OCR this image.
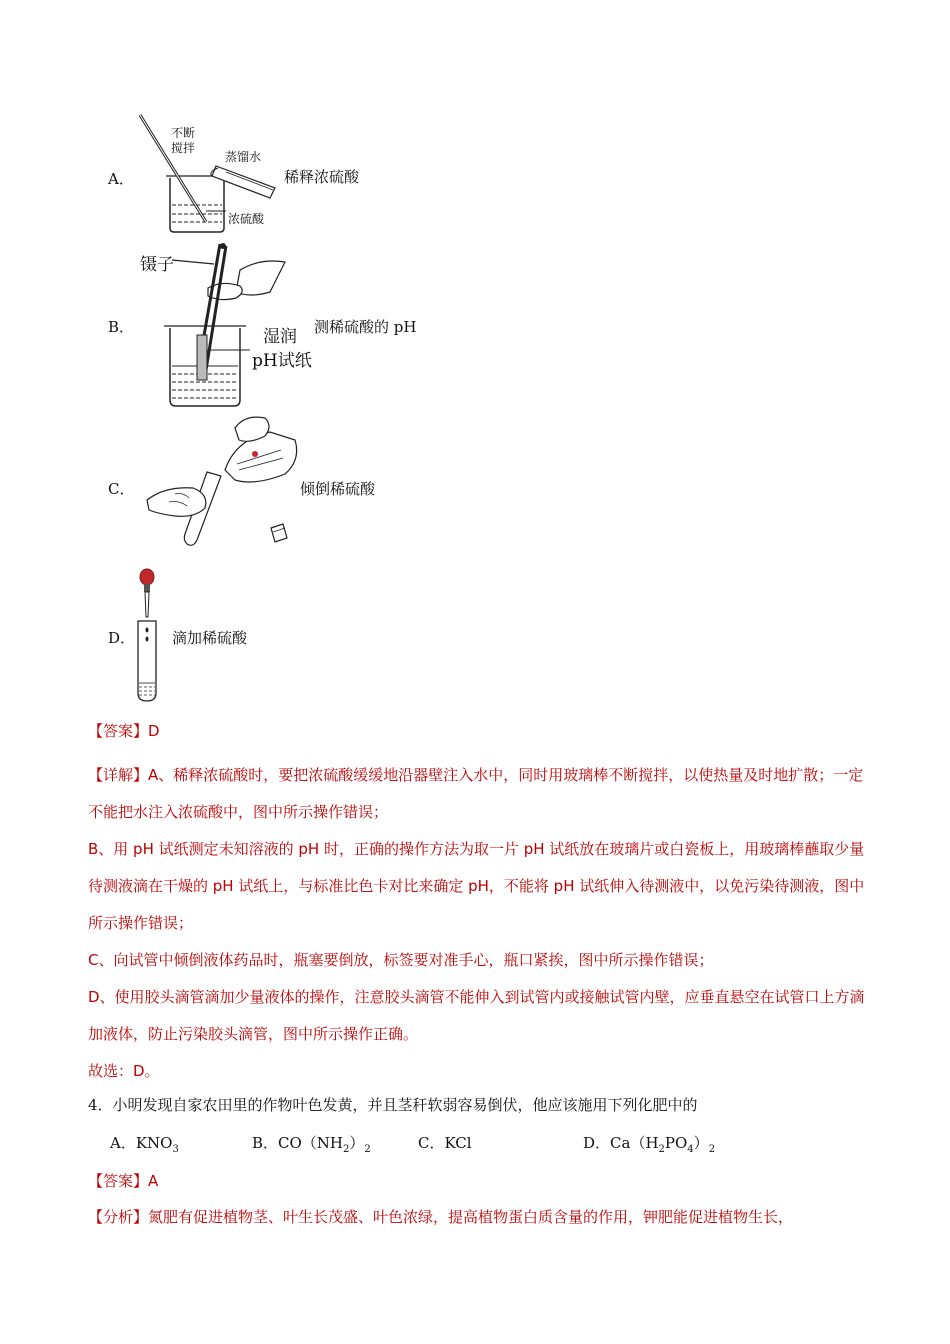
A．
不断
搅拌
蒸馏水
浓硫酸
稀释浓硫酸
B．
镊子
湿润
pH试纸
测稀硫酸的 pH
C．	倾倒稀硫酸
D． 滴加稀硫酸
【答案】D
【详解】A、稀释浓硫酸时，要把浓硫酸缓缓地沿器壁注入水中，同时用玻璃棒不断搅拌，以使热量及时地扩散；一定不能把水注入浓硫酸中，图中所示操作错误；
B、用 pH 试纸测定未知溶液的 pH 时，正确的操作方法为取一片 pH 试纸放在玻璃片或白瓷板上，用玻璃棒蘸取少量待测液滴在干燥的 pH 试纸上，与标准比色卡对比来确定 pH，不能将 pH 试纸伸入待测液中，以免污染待测液，图中所示操作错误；
C、向试管中倾倒液体药品时，瓶塞要倒放，标签要对准手心，瓶口紧挨，图中所示操作错误；
D、使用胶头滴管滴加少量液体的操作，注意胶头滴管不能伸入到试管内或接触试管内壁，应垂直悬空在试管口上方滴加液体，防止污染胶头滴管，图中所示操作正确。
故选：D。
4．小明发现自家农田里的作物叶色发黄，并且茎秆软弱容易倒伏，他应该施用下列化肥中的
A．$KNO_3$	B．$CO(NH_2)_2$	C．KCl	D．$Ca(H_2PO_4)_2$
【答案】A
【分析】氮肥有促进植物茎、叶生长茂盛、叶色浓绿，提高植物蛋白质含量的作用，钾肥能促进植物生长，
